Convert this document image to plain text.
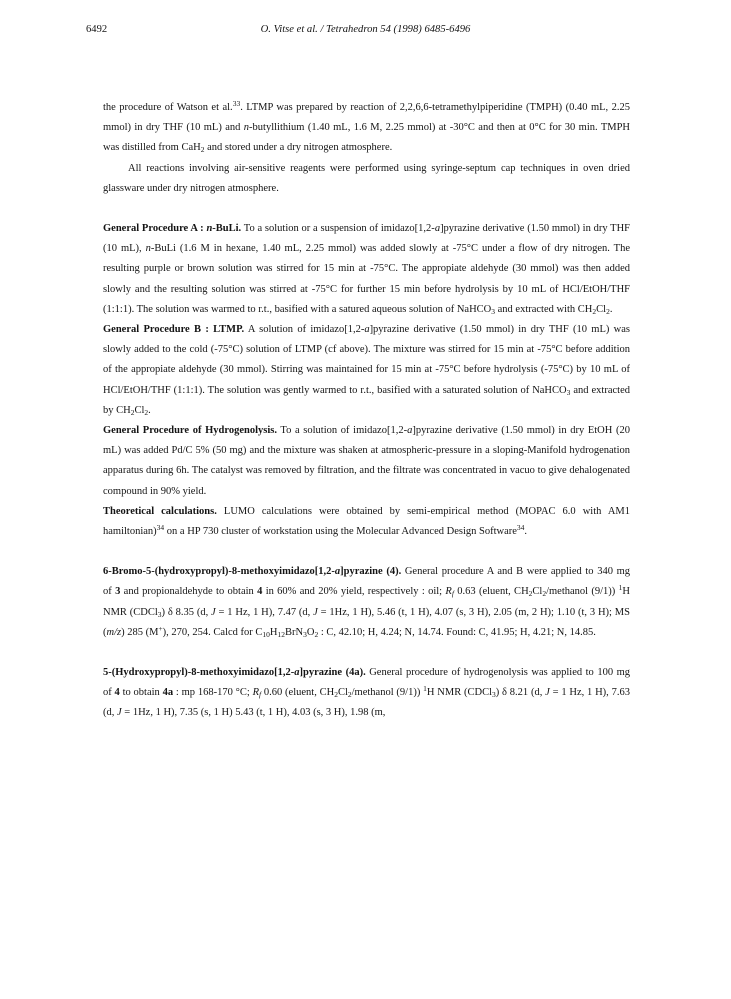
6492	O. Vitse et al. / Tetrahedron 54 (1998) 6485-6496

the procedure of Watson et al.$^{33}$. LTMP was prepared by reaction of 2,2,6,6-tetramethylpiperidine (TMPH) (0.40 mL, 2.25 mmol) in dry THF (10 mL) and n-butyllithium (1.40 mL, 1.6 M, 2.25 mmol) at -30°C and then at 0°C for 30 min. TMPH was distilled from CaH$_2$ and stored under a dry nitrogen atmosphere.

All reactions involving air-sensitive reagents were performed using syringe-septum cap techniques in oven dried glassware under dry nitrogen atmosphere.

General Procedure A : n-BuLi. To a solution or a suspension of imidazo[1,2-a]pyrazine derivative (1.50 mmol) in dry THF (10 mL), n-BuLi (1.6 M in hexane, 1.40 mL, 2.25 mmol) was added slowly at -75°C under a flow of dry nitrogen. The resulting purple or brown solution was stirred for 15 min at -75°C. The appropiate aldehyde (30 mmol) was then added slowly and the resulting solution was stirred at -75°C for further 15 min before hydrolysis by 10 mL of HCl/EtOH/THF (1:1:1). The solution was warmed to r.t., basified with a satured aqueous solution of NaHCO$_3$ and extracted with $CH_2Cl_2$.

General Procedure B : LTMP. A solution of imidazo[1,2-a]pyrazine derivative (1.50 mmol) in dry THF (10 mL) was slowly added to the cold (-75°C) solution of LTMP (cf above). The mixture was stirred for 15 min at -75°C before addition of the appropiate aldehyde (30 mmol). Stirring was maintained for 15 min at -75°C before hydrolysis (-75°C) by 10 mL of HCl/EtOH/THF (1:1:1). The solution was gently warmed to r.t., basified with a saturated solution of NaHCO$_3$ and extracted by $CH_2Cl_2$.

General Procedure of Hydrogenolysis. To a solution of imidazo[1,2-a]pyrazine derivative (1.50 mmol) in dry EtOH (20 mL) was added Pd/C 5% (50 mg) and the mixture was shaken at atmospheric-pressure in a sloping-Manifold hydrogenation apparatus during 6h. The catalyst was removed by filtration, and the filtrate was concentrated in vacuo to give dehalogenated compound in 90% yield.

Theoretical calculations. LUMO calculations were obtained by semi-empirical method (MOPAC 6.0 with AM1 hamiltonian)$^{34}$ on a HP 730 cluster of workstation using the Molecular Advanced Design Software$^{34}$.

6-Bromo-5-(hydroxypropyl)-8-methoxyimidazo[1,2-a]pyrazine (4). General procedure A and B were applied to 340 mg of 3 and propionaldehyde to obtain 4 in 60% and 20% yield, respectively : oil; $R_f$ 0.63 (eluent, $CH_2Cl_2$/methanol (9/1)) $^1$H NMR (CDCl$_3$) δ 8.35 (d, J = 1 Hz, 1 H), 7.47 (d, J = 1Hz, 1 H), 5.46 (t, 1 H), 4.07 (s, 3 H), 2.05 (m, 2 H); 1.10 (t, 3 H); MS (m/z) 285 (M+), 270, 254. Calcd for $C_{10}H_{12}BrN_3O_2$ : C, 42.10; H, 4.24; N, 14.74. Found: C, 41.95; H, 4.21; N, 14.85.

5-(Hydroxypropyl)-8-methoxyimidazo[1,2-a]pyrazine (4a). General procedure of hydrogenolysis was applied to 100 mg of 4 to obtain 4a : mp 168-170 °C; $R_f$ 0.60 (eluent, $CH_2Cl_2$/methanol (9/1)) $^1$H NMR (CDCl$_3$) δ 8.21 (d, J = 1 Hz, 1 H), 7.63 (d, J = 1Hz, 1 H), 7.35 (s, 1 H) 5.43 (t, 1 H), 4.03 (s, 3 H), 1.98 (m,
